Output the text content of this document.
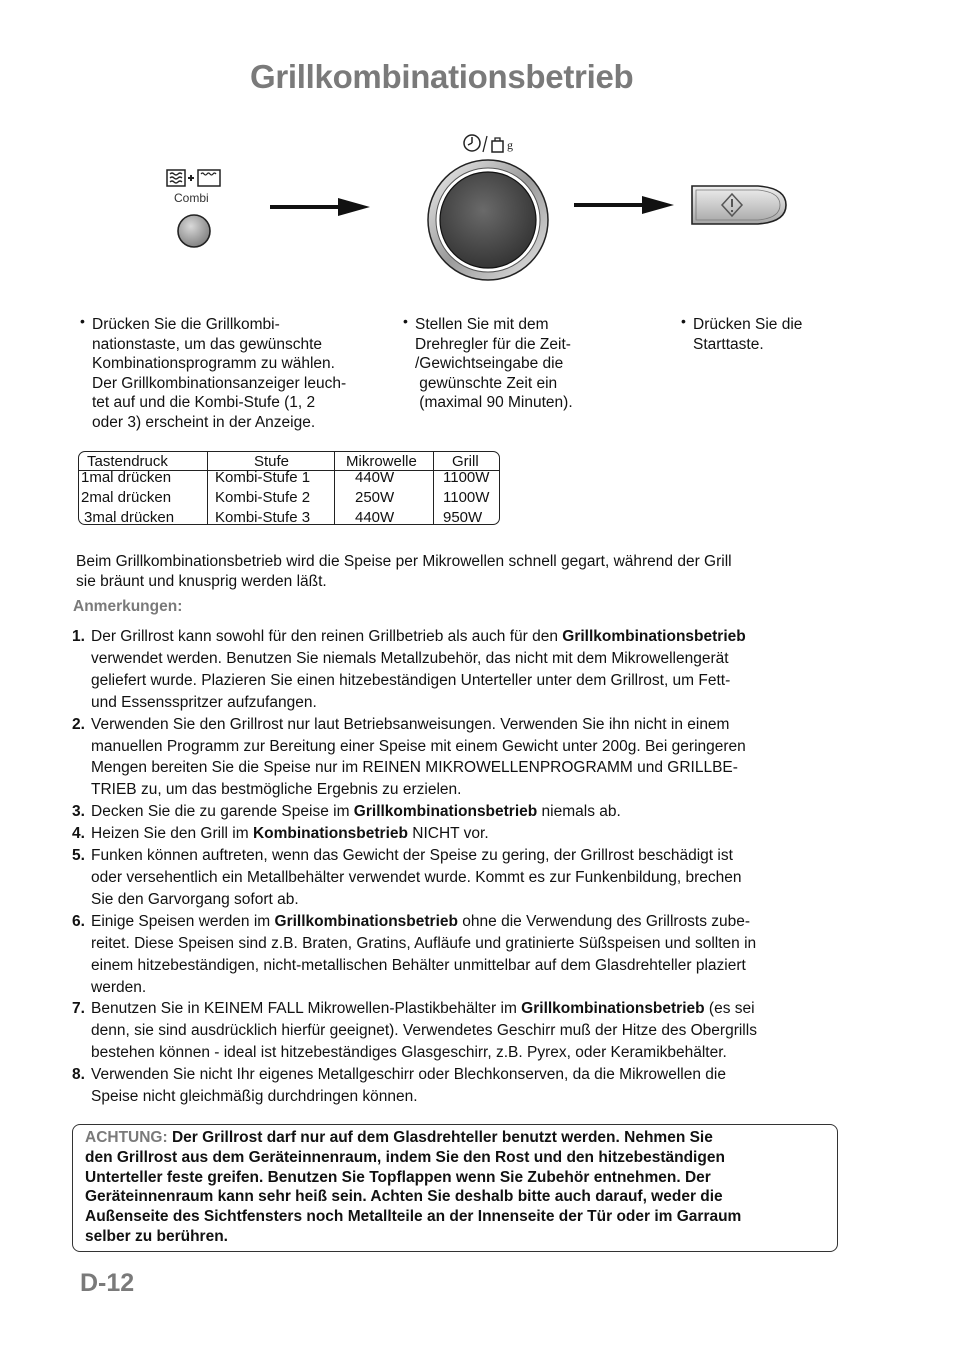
Grillkombinationsbetrieb
Combi
g
• Drücken Sie die Grillkombi-
nationstaste, um das gewünschte
Kombinationsprogramm zu wählen.
Der Grillkombinationsanzeiger leuch-
tet auf und die Kombi-Stufe (1, 2
oder 3) erscheint in der Anzeige.
• Stellen Sie mit dem
Drehregler für die Zeit-
/Gewichtseingabe die
gewünschte Zeit ein
(maximal 90 Minuten).
• Drücken Sie die
Starttaste.
Tastendruck	Stufe	Mikrowelle Grill
1mal drücken	Kombi-Stufe 1	440W	1100W
2mal drücken	Kombi-Stufe 2	250W	1100W
3mal drücken	Kombi-Stufe 3	440W	950W
Beim Grillkombinationsbetrieb wird die Speise per Mikrowellen schnell gegart, während der Grill
sie bräunt und knusprig werden läßt.
Anmerkungen:
1. Der Grillrost kann sowohl für den reinen Grillbetrieb als auch für den Grillkombinationsbetrieb
verwendet werden. Benutzen Sie niemals Metallzubehör, das nicht mit dem Mikrowellengerät
geliefert wurde. Plazieren Sie einen hitzebeständigen Unterteller unter dem Grillrost, um Fett-
und Essensspritzer aufzufangen.
2. Verwenden Sie den Grillrost nur laut Betriebsanweisungen. Verwenden Sie ihn nicht in einem
manuellen Programm zur Bereitung einer Speise mit einem Gewicht unter 200g. Bei geringeren
Mengen bereiten Sie die Speise nur im REINEN MIKROWELLENPROGRAMM und GRILLBE-
TRIEB zu, um das bestmögliche Ergebnis zu erzielen.
3. Decken Sie die zu garende Speise im Grillkombinationsbetrieb niemals ab.
4. Heizen Sie den Grill im Kombinationsbetrieb NICHT vor.
5. Funken können auftreten, wenn das Gewicht der Speise zu gering, der Grillrost beschädigt ist
oder versehentlich ein Metallbehälter verwendet wurde. Kommt es zur Funkenbildung, brechen
Sie den Garvorgang sofort ab.
6. Einige Speisen werden im Grillkombinationsbetrieb ohne die Verwendung des Grillrosts zube-
reitet. Diese Speisen sind z.B. Braten, Gratins, Aufläufe und gratinierte Süßspeisen und sollten in
einem hitzebeständigen, nicht-metallischen Behälter unmittelbar auf dem Glasdrehteller plaziert
werden.
7. Benutzen Sie in KEINEM FALL Mikrowellen-Plastikbehälter im Grillkombinationsbetrieb (es sei
denn, sie sind ausdrücklich hierfür geeignet). Verwendetes Geschirr muß der Hitze des Obergrills
bestehen können - ideal ist hitzebeständiges Glasgeschirr, z.B. Pyrex, oder Keramikbehälter.
8. Verwenden Sie nicht Ihr eigenes Metallgeschirr oder Blechkonserven, da die Mikrowellen die
Speise nicht gleichmäßig durchdringen können.
ACHTUNG: Der Grillrost darf nur auf dem Glasdrehteller benutzt werden. Nehmen Sie
den Grillrost aus dem Geräteinnenraum, indem Sie den Rost und den hitzebeständigen
Unterteller feste greifen. Benutzen Sie Topflappen wenn Sie Zubehör entnehmen. Der
Geräteinnenraum kann sehr heiß sein. Achten Sie deshalb bitte auch darauf, weder die
Außenseite des Sichtfensters noch Metallteile an der Innenseite der Tür oder im Garraum
selber zu berühren.
D-12
